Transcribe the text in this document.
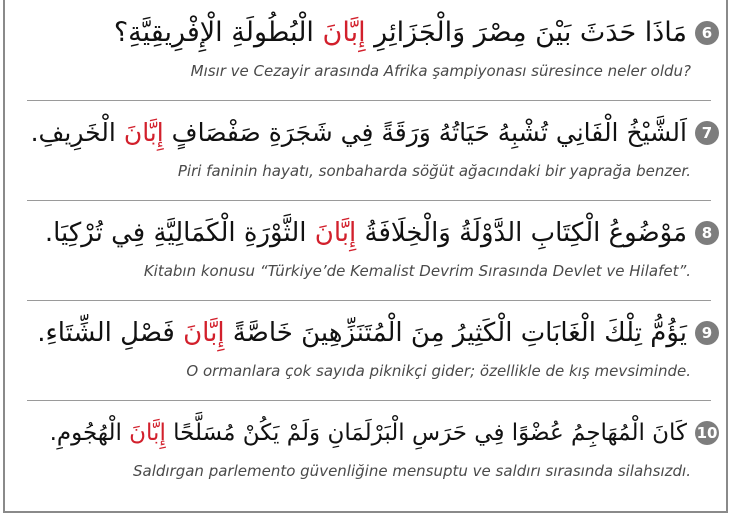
مَاذَا حَدَثَ بَيْنَ مِصْرَ وَالْجَزَائِرِ إِبَّانَ الْبُطُولَةِ الْإِفْرِيقِيَّةِ؟	6
Mısır ve Cezayir arasında Afrika şampiyonası süresince neler oldu?
اَلشَّيْخُ الْفَانِي تُشْبِهُ حَيَاتُهُ وَرَقَةً فِي شَجَرَةِ صَفْصَافٍ إِبَّانَ الْخَرِيفِ.	7
Piri faninin hayatı, sonbaharda söğüt ağacındaki bir yaprağa benzer.
مَوْضُوعُ الْكِتَابِ الدَّوْلَةُ وَالْخِلَافَةُ إِبَّانَ الثَّوْرَةِ الْكَمَالِيَّةِ فِي تُرْكِيَا.	8
Kitabın konusu “Türkiye’de Kemalist Devrim Sırasında Devlet ve Hilafet”.
يَؤُمُّ تِلْكَ الْغَابَاتِ الْكَثِيرُ مِنَ الْمُتَنَزِّهِينَ خَاصَّةً إِبَّانَ فَصْلِ الشِّتَاءِ.	9
O ormanlara çok sayıda piknikçi gider; özellikle de kış mevsiminde.
كَانَ الْمُهَاجِمُ عُضْوًا فِي حَرَسِ الْبَرْلَمَانِ وَلَمْ يَكُنْ مُسَلَّحًا إِبَّانَ الْهُجُومِ.	10
Saldırgan parlemento güvenliğine mensuptu ve saldırı sırasında silahsızdı.
